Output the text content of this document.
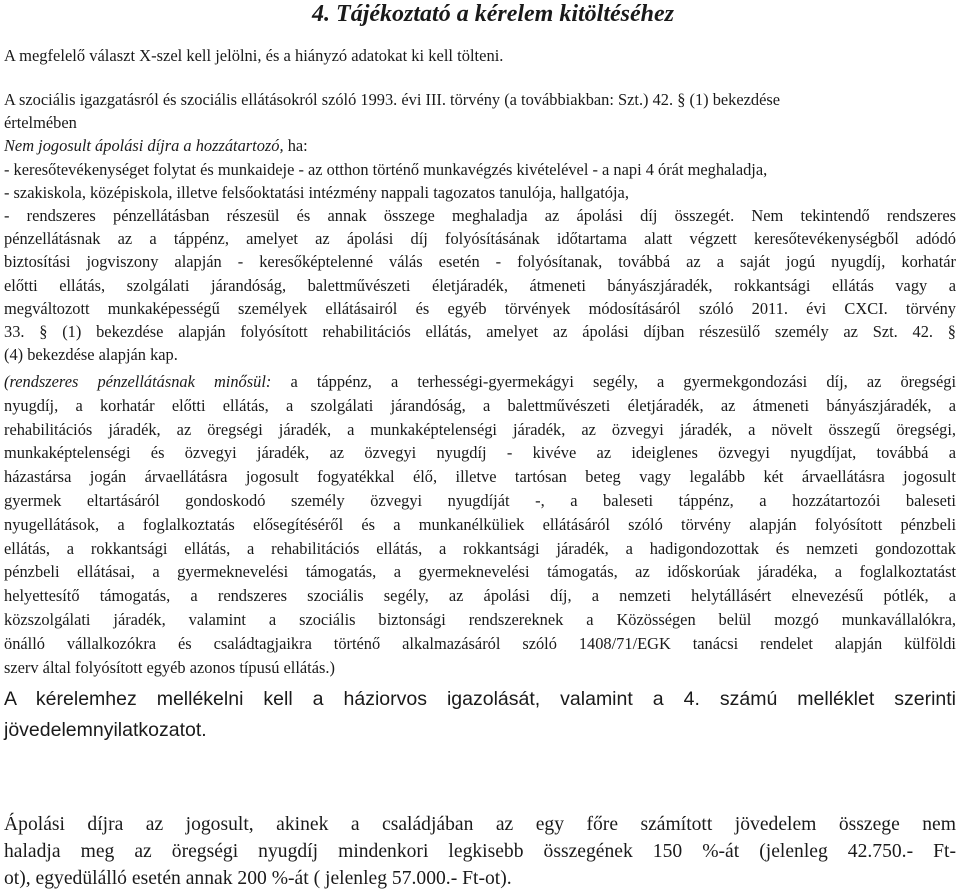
4. Tájékoztató a kérelem kitöltéséhez

A megfelelő választ X-szel kell jelölni, és a hiányzó adatokat ki kell tölteni.

A szociális igazgatásról és szociális ellátásokról szóló 1993. évi III. törvény (a továbbiakban: Szt.) 42. § (1) bekezdése
értelmében
Nem jogosult ápolási díjra a hozzátartozó, ha:
- keresőtevékenységet folytat és munkaideje - az otthon történő munkavégzés kivételével - a napi 4 órát meghaladja,
- szakiskola, középiskola, illetve felsőoktatási intézmény nappali tagozatos tanulója, hallgatója,
- rendszeres pénzellátásban részesül és annak összege meghaladja az ápolási díj összegét. Nem tekintendő rendszeres
pénzellátásnak az a táppénz, amelyet az ápolási díj folyósításának időtartama alatt végzett keresőtevékenységből adódó
biztosítási jogviszony alapján - keresőképtelenné válás esetén - folyósítanak, továbbá az a saját jogú nyugdíj, korhatár
előtti ellátás, szolgálati járandóság, balettművészeti életjáradék, átmeneti bányászjáradék, rokkantsági ellátás vagy a
megváltozott munkaképességű személyek ellátásairól és egyéb törvények módosításáról szóló 2011. évi CXCI. törvény
33. § (1) bekezdése alapján folyósított rehabilitációs ellátás, amelyet az ápolási díjban részesülő személy az Szt. 42. §
(4) bekezdése alapján kap.
(rendszeres pénzellátásnak minősül: a táppénz, a terhességi-gyermekágyi segély, a gyermekgondozási díj, az öregségi
nyugdíj, a korhatár előtti ellátás, a szolgálati járandóság, a balettművészeti életjáradék, az átmeneti bányászjáradék, a
rehabilitációs járadék, az öregségi járadék, a munkaképtelenségi járadék, az özvegyi járadék, a növelt összegű öregségi,
munkaképtelenségi és özvegyi járadék, az özvegyi nyugdíj - kivéve az ideiglenes özvegyi nyugdíjat, továbbá a
házastársa jogán árvaellátásra jogosult fogyatékkal élő, illetve tartósan beteg vagy legalább két árvaellátásra jogosult
gyermek eltartásáról gondoskodó személy özvegyi nyugdíját -, a baleseti táppénz, a hozzátartozói baleseti
nyugellátások, a foglalkoztatás elősegítéséről és a munkanélküliek ellátásáról szóló törvény alapján folyósított pénzbeli
ellátás, a rokkantsági ellátás, a rehabilitációs ellátás, a rokkantsági járadék, a hadigondozottak és nemzeti gondozottak
pénzbeli ellátásai, a gyermeknevelési támogatás, a gyermeknevelési támogatás, az időskorúak járadéka, a foglalkoztatást
helyettesítő támogatás, a rendszeres szociális segély, az ápolási díj, a nemzeti helytállásért elnevezésű pótlék, a
közszolgálati járadék, valamint a szociális biztonsági rendszereknek a Közösségen belül mozgó munkavállalókra,
önálló vállalkozókra és családtagjaikra történő alkalmazásáról szóló 1408/71/EGK tanácsi rendelet alapján külföldi
szerv által folyósított egyéb azonos típusú ellátás.)
A kérelemhez mellékelni kell a háziorvos igazolását, valamint a 4. számú melléklet szerinti
jövedelemnyilatkozatot.
Ápolási díjra az jogosult, akinek a családjában az egy főre számított jövedelem összege nem
haladja meg az öregségi nyugdíj mindenkori legkisebb összegének 150 %-át (jelenleg 42.750.- Ft-
ot), egyedülálló esetén annak 200 %-át ( jelenleg 57.000.- Ft-ot).
